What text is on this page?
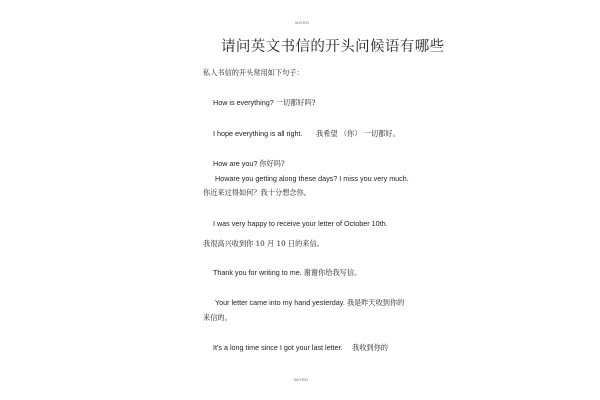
WORD
请问英文书信的开头问候语有哪些
私人书信的开头常用如下句子：
How is everything? 一切都好吗?
I hope everything is all right. 我希望 （你） 一切都好。
How are you? 你好吗?
Howare you getting along these days? I miss you very much.
你近来过得如何？我十分想念你。
I was very happy to receive your letter of October 10th.
我很高兴收到你 10 月 10 日的来信。
Thank you for writing to me. 谢谢你给我写信。
Your letter came into my hand yesterday. 我是昨天收到你的
来信的。
It's a long time since I got your last letter. 我收到你的
WORD
